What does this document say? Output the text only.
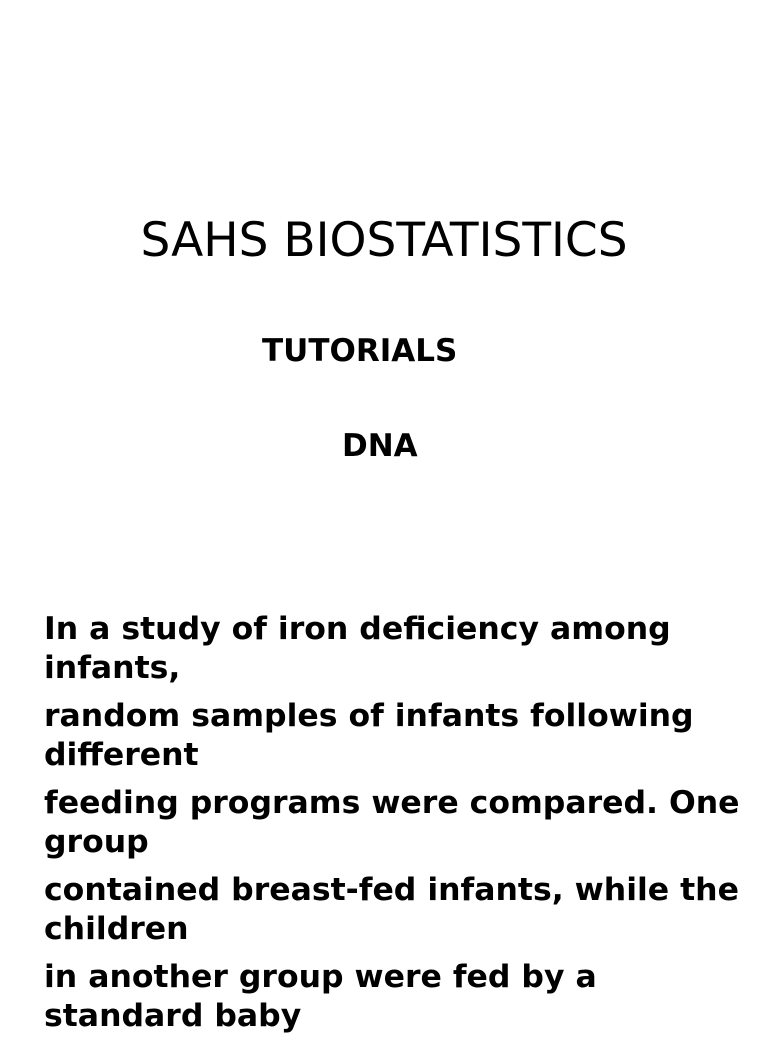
SAHS BIOSTATISTICS
TUTORIALS
DNA

In a study of iron deficiency among infants,

random samples of infants following different

feeding programs were compared. One group

contained breast-fed infants, while the children

in another group were fed by a standard baby
